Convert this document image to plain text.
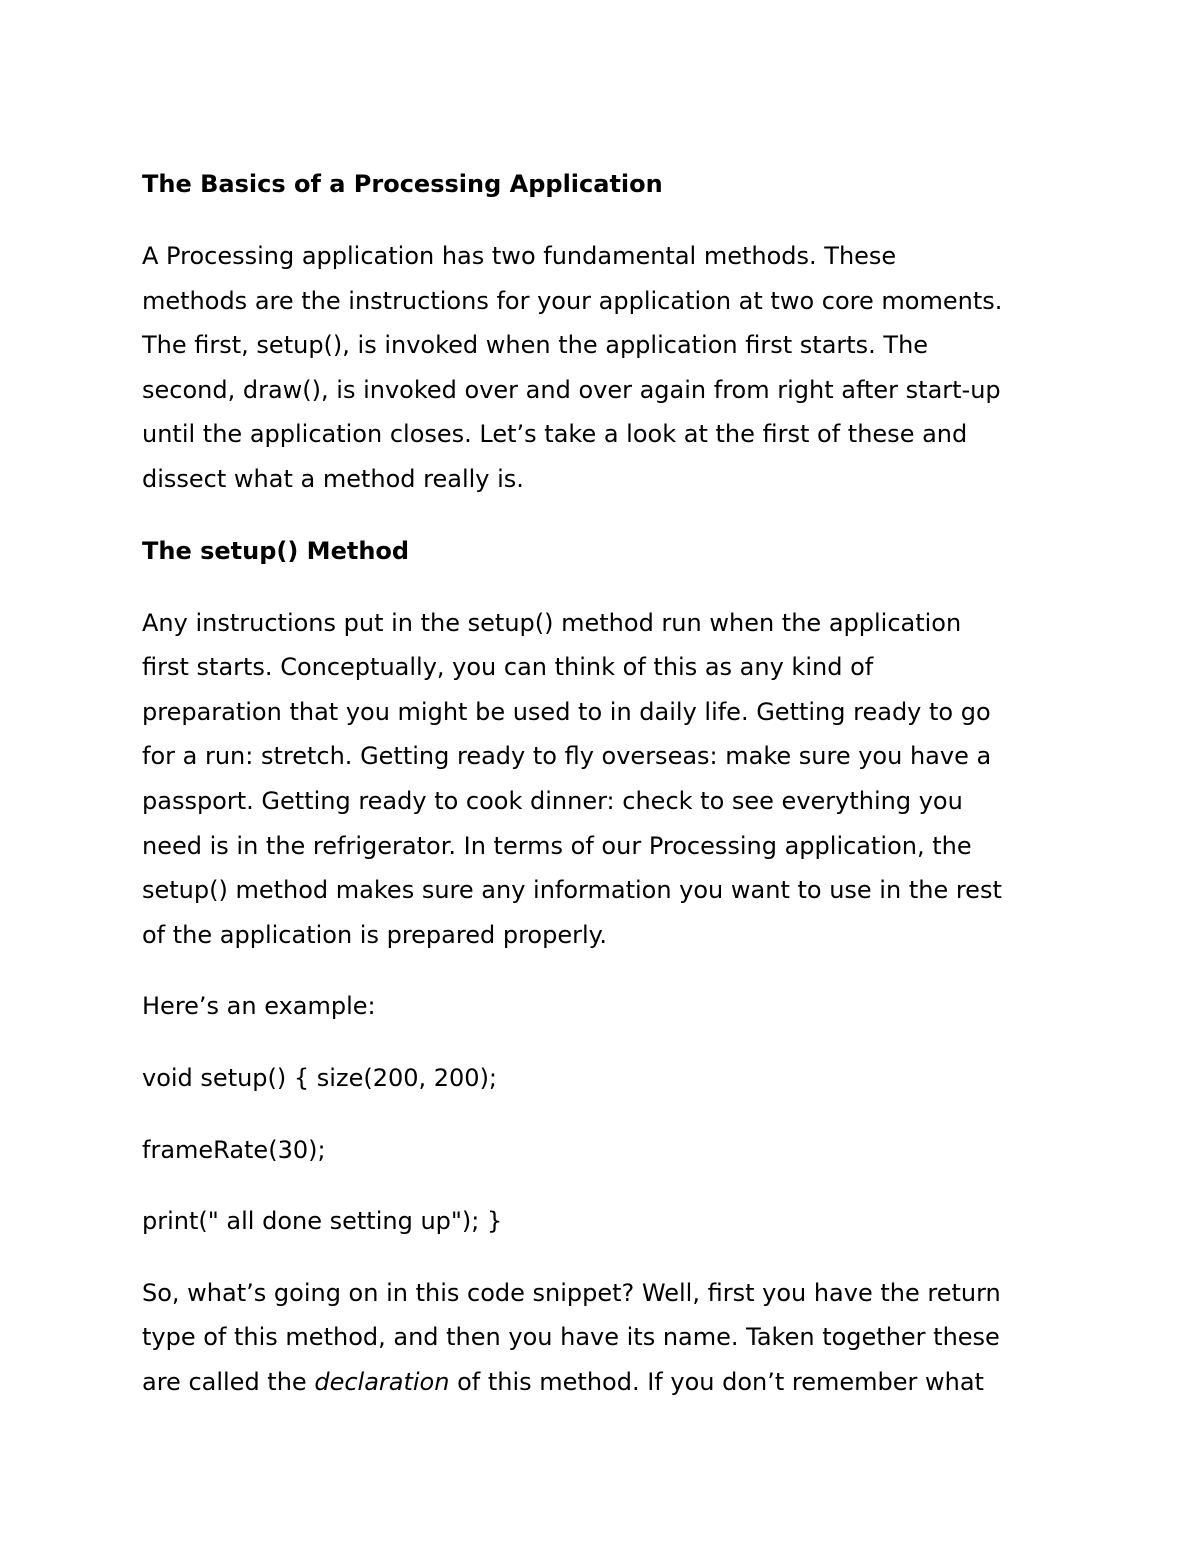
The Basics of a Processing Application
A Processing application has two fundamental methods. These
methods are the instructions for your application at two core moments.
The first, setup(), is invoked when the application first starts. The
second, draw(), is invoked over and over again from right after start-up
until the application closes. Let’s take a look at the first of these and
dissect what a method really is.
The setup() Method
Any instructions put in the setup() method run when the application
first starts. Conceptually, you can think of this as any kind of
preparation that you might be used to in daily life. Getting ready to go
for a run: stretch. Getting ready to fly overseas: make sure you have a
passport. Getting ready to cook dinner: check to see everything you
need is in the refrigerator. In terms of our Processing application, the
setup() method makes sure any information you want to use in the rest
of the application is prepared properly.
Here’s an example:
void setup() { size(200, 200);
frameRate(30);
print(" all done setting up"); }
So, what’s going on in this code snippet? Well, first you have the return
type of this method, and then you have its name. Taken together these
are called the declaration of this method. If you don’t remember what
